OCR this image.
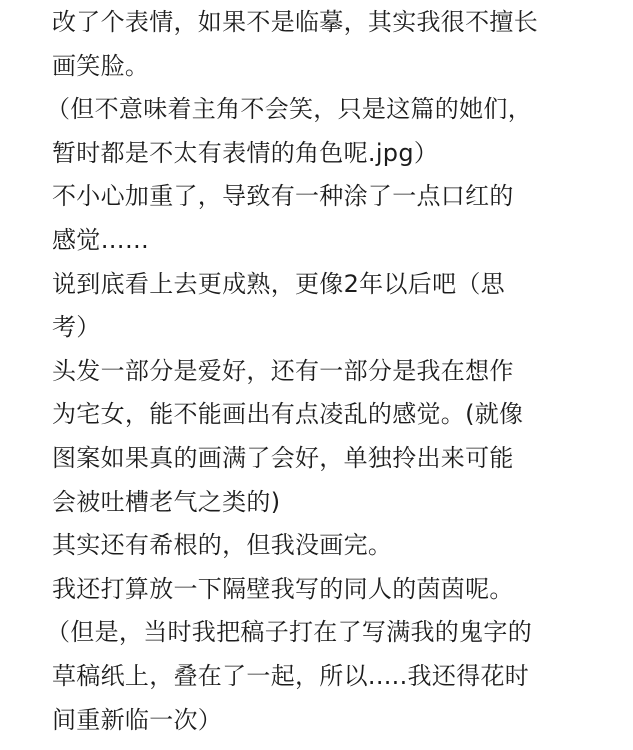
改了个表情，如果不是临摹，其实我很不擅长
画笑脸。
（但不意味着主角不会笑，只是这篇的她们，
暂时都是不太有表情的角色呢.jpg）
不小心加重了，导致有一种涂了一点口红的
感觉……
说到底看上去更成熟，更像2年以后吧（思
考）
头发一部分是爱好，还有一部分是我在想作
为宅女，能不能画出有点凌乱的感觉。(就像
图案如果真的画满了会好，单独拎出来可能
会被吐槽老气之类的)
其实还有希根的，但我没画完。
我还打算放一下隔壁我写的同人的茵茵呢。
（但是，当时我把稿子打在了写满我的鬼字的
草稿纸上，叠在了一起，所以.....我还得花时
间重新临一次）
